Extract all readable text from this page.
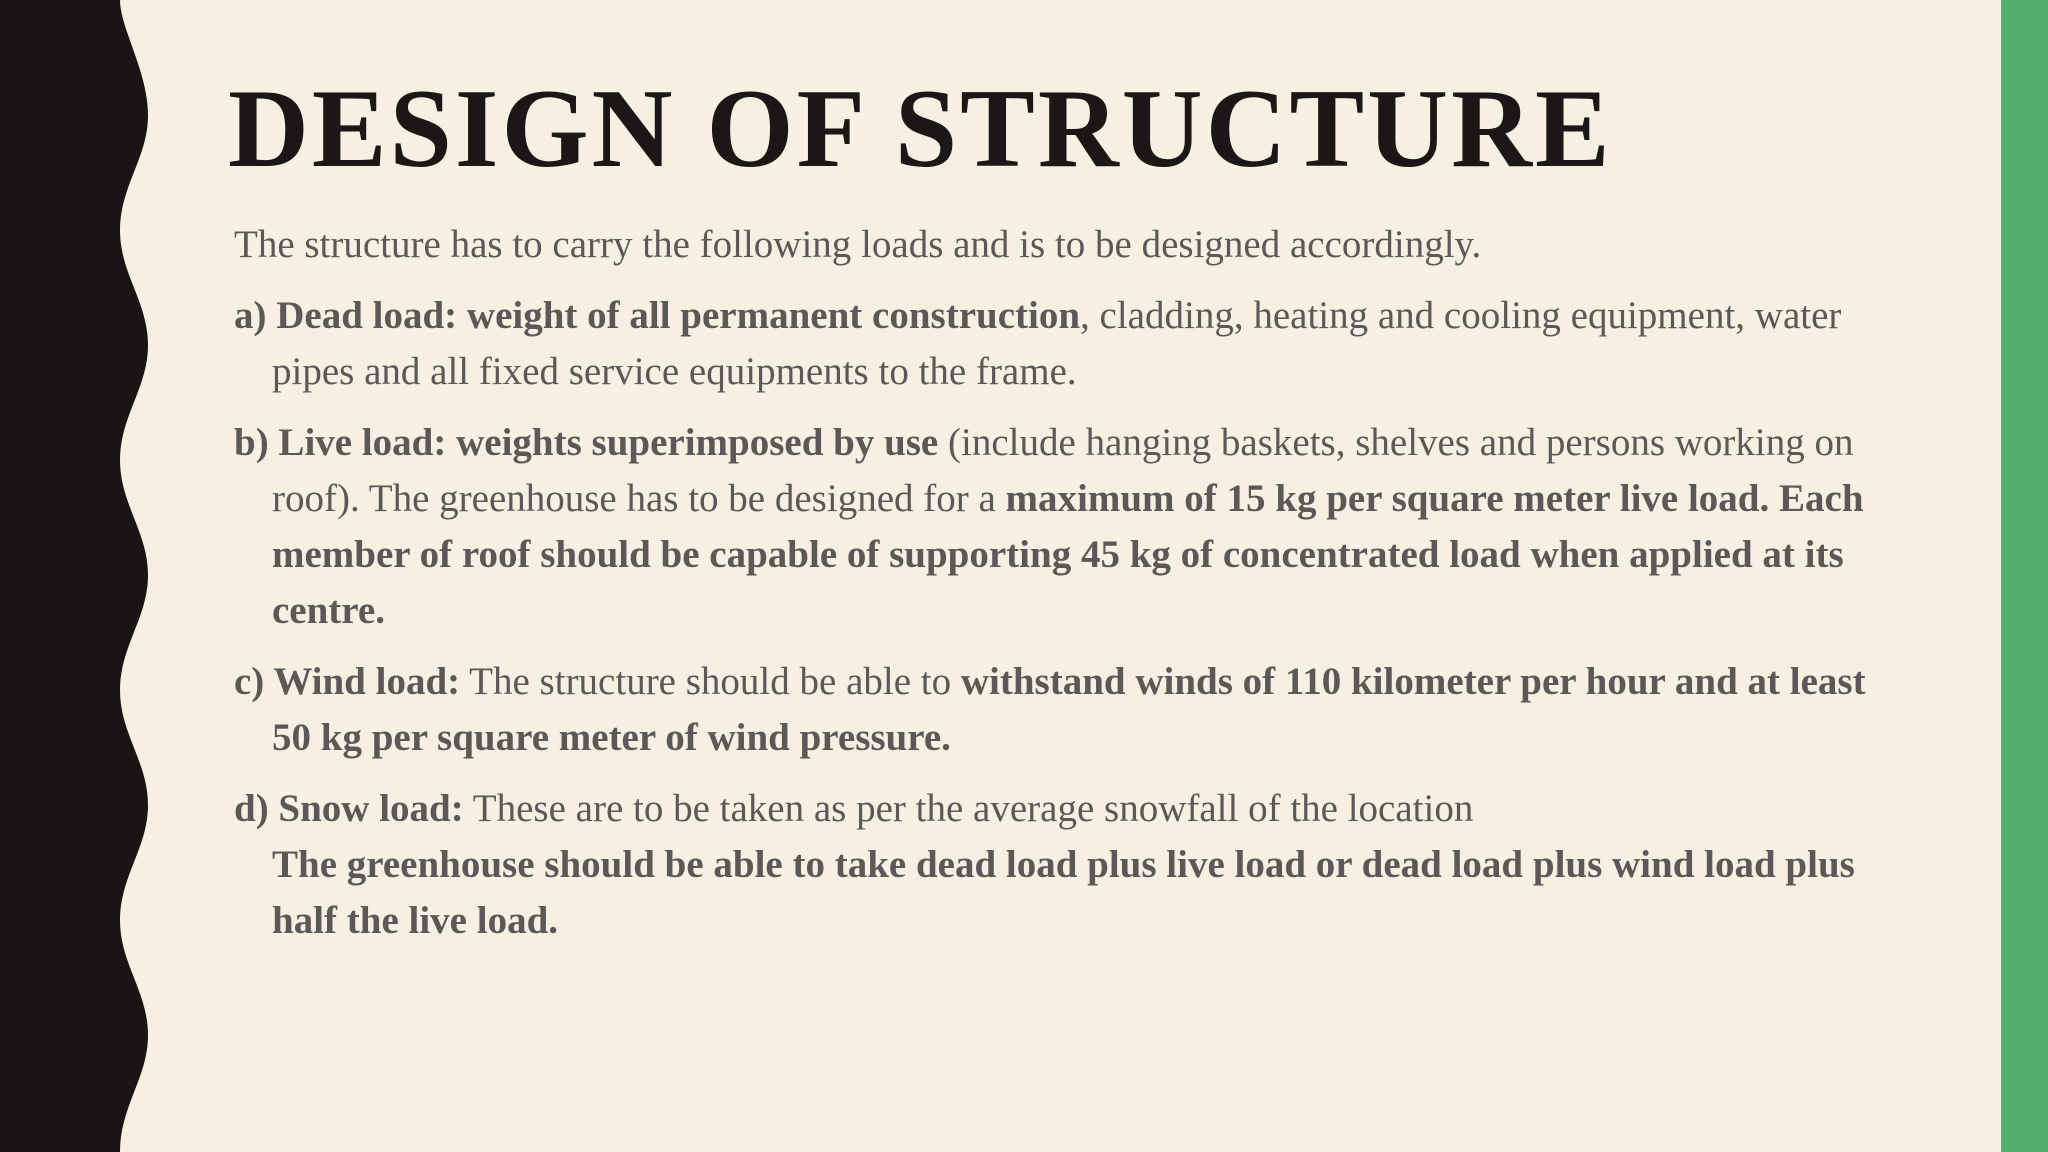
DESIGN OF STRUCTURE

The structure has to carry the following loads and is to be designed accordingly.

a) Dead load: weight of all permanent construction, cladding, heating and cooling equipment, water pipes and all fixed service equipments to the frame.

b) Live load: weights superimposed by use (include hanging baskets, shelves and persons working on roof). The greenhouse has to be designed for a maximum of 15 kg per square meter live load. Each member of roof should be capable of supporting 45 kg of concentrated load when applied at its centre.

c) Wind load: The structure should be able to withstand winds of 110 kilometer per hour and at least 50 kg per square meter of wind pressure.

d) Snow load: These are to be taken as per the average snowfall of the location

The greenhouse should be able to take dead load plus live load or dead load plus wind load plus half the live load.
